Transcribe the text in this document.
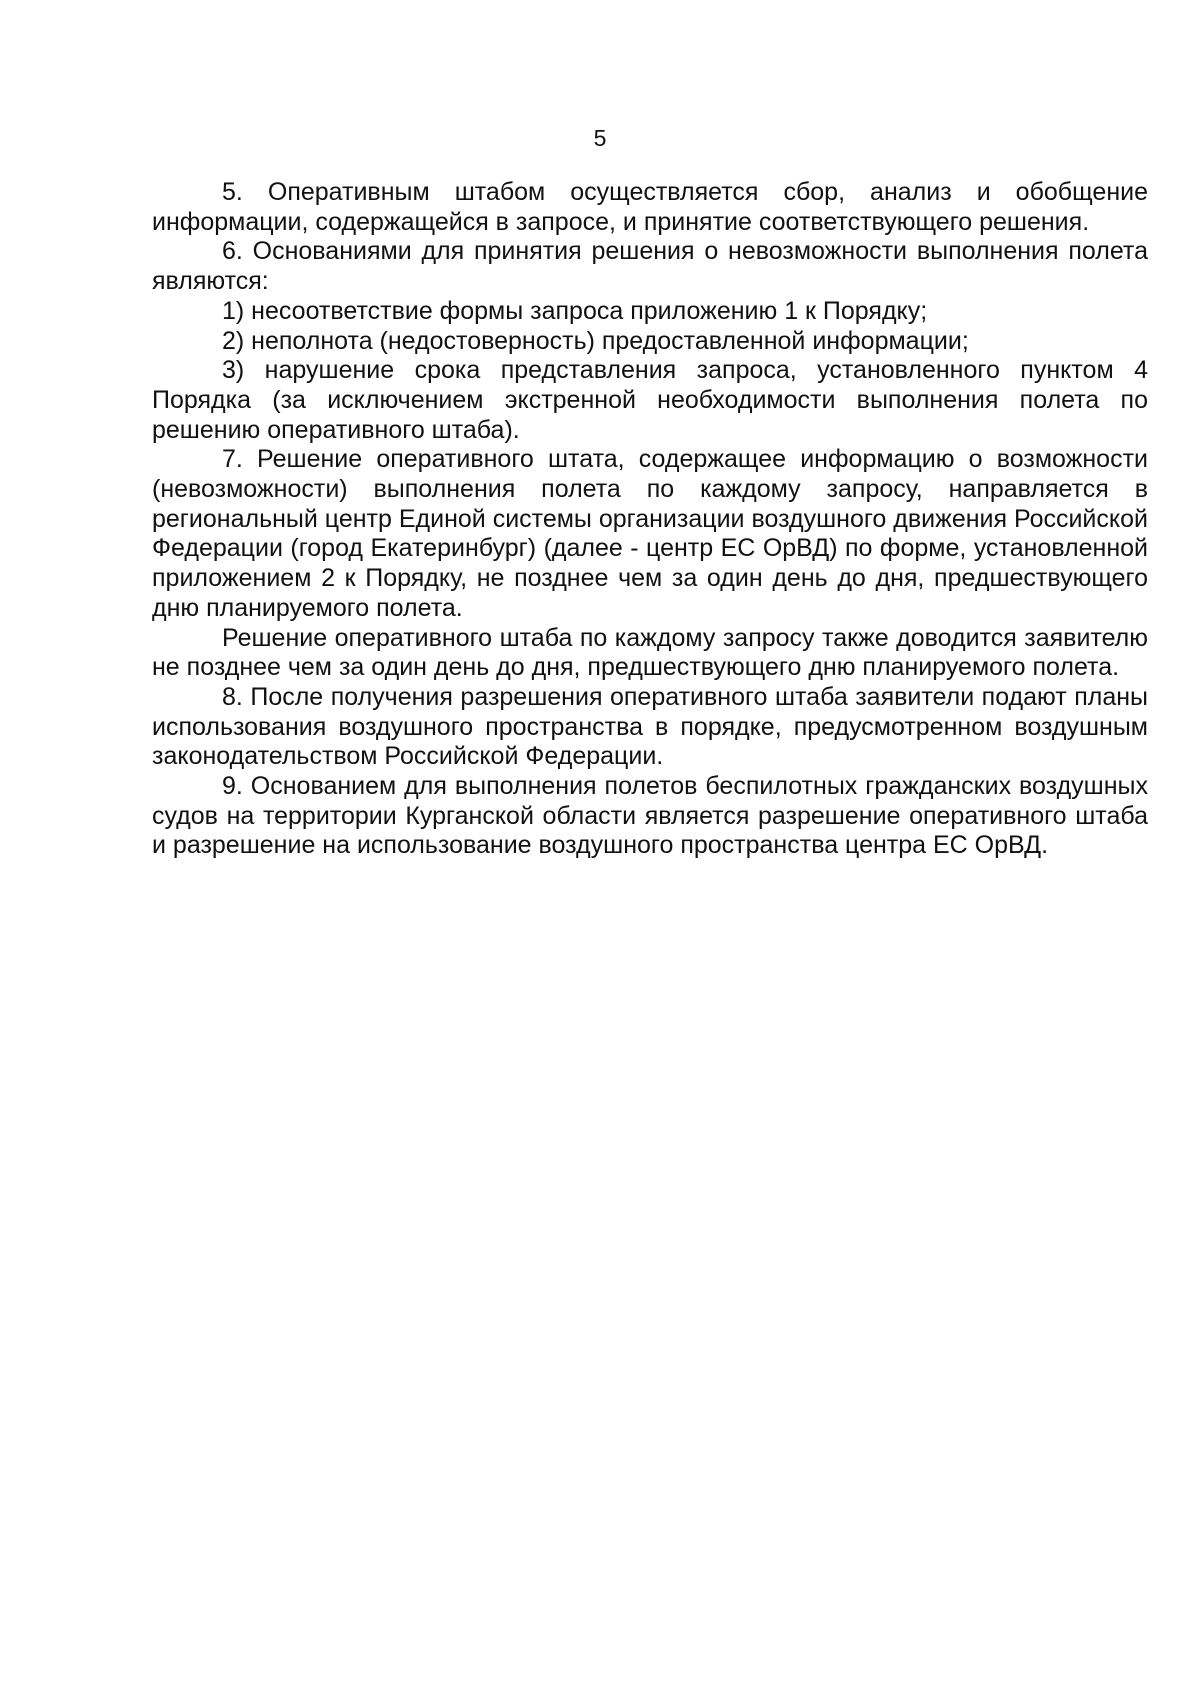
5

5. Оперативным штабом осуществляется сбор, анализ и обобщение информации, содержащейся в запросе, и принятие соответствующего решения.

6. Основаниями для принятия решения о невозможности выполнения полета являются:

1) несоответствие формы запроса приложению 1 к Порядку;

2) неполнота (недостоверность) предоставленной информации;

3) нарушение срока представления запроса, установленного пунктом 4 Порядка (за исключением экстренной необходимости выполнения полета по решению оперативного штаба).

7. Решение оперативного штата, содержащее информацию о возможности (невозможности) выполнения полета по каждому запросу, направляется в региональный центр Единой системы организации воздушного движения Российской Федерации (город Екатеринбург) (далее - центр ЕС ОрВД) по форме, установленной приложением 2 к Порядку, не позднее чем за один день до дня, предшествующего дню планируемого полета.

Решение оперативного штаба по каждому запросу также доводится заявителю не позднее чем за один день до дня, предшествующего дню планируемого полета.

8. После получения разрешения оперативного штаба заявители подают планы использования воздушного пространства в порядке, предусмотренном воздушным законодательством Российской Федерации.

9. Основанием для выполнения полетов беспилотных гражданских воздушных судов на территории Курганской области является разрешение оперативного штаба и разрешение на использование воздушного пространства центра ЕС ОрВД.
